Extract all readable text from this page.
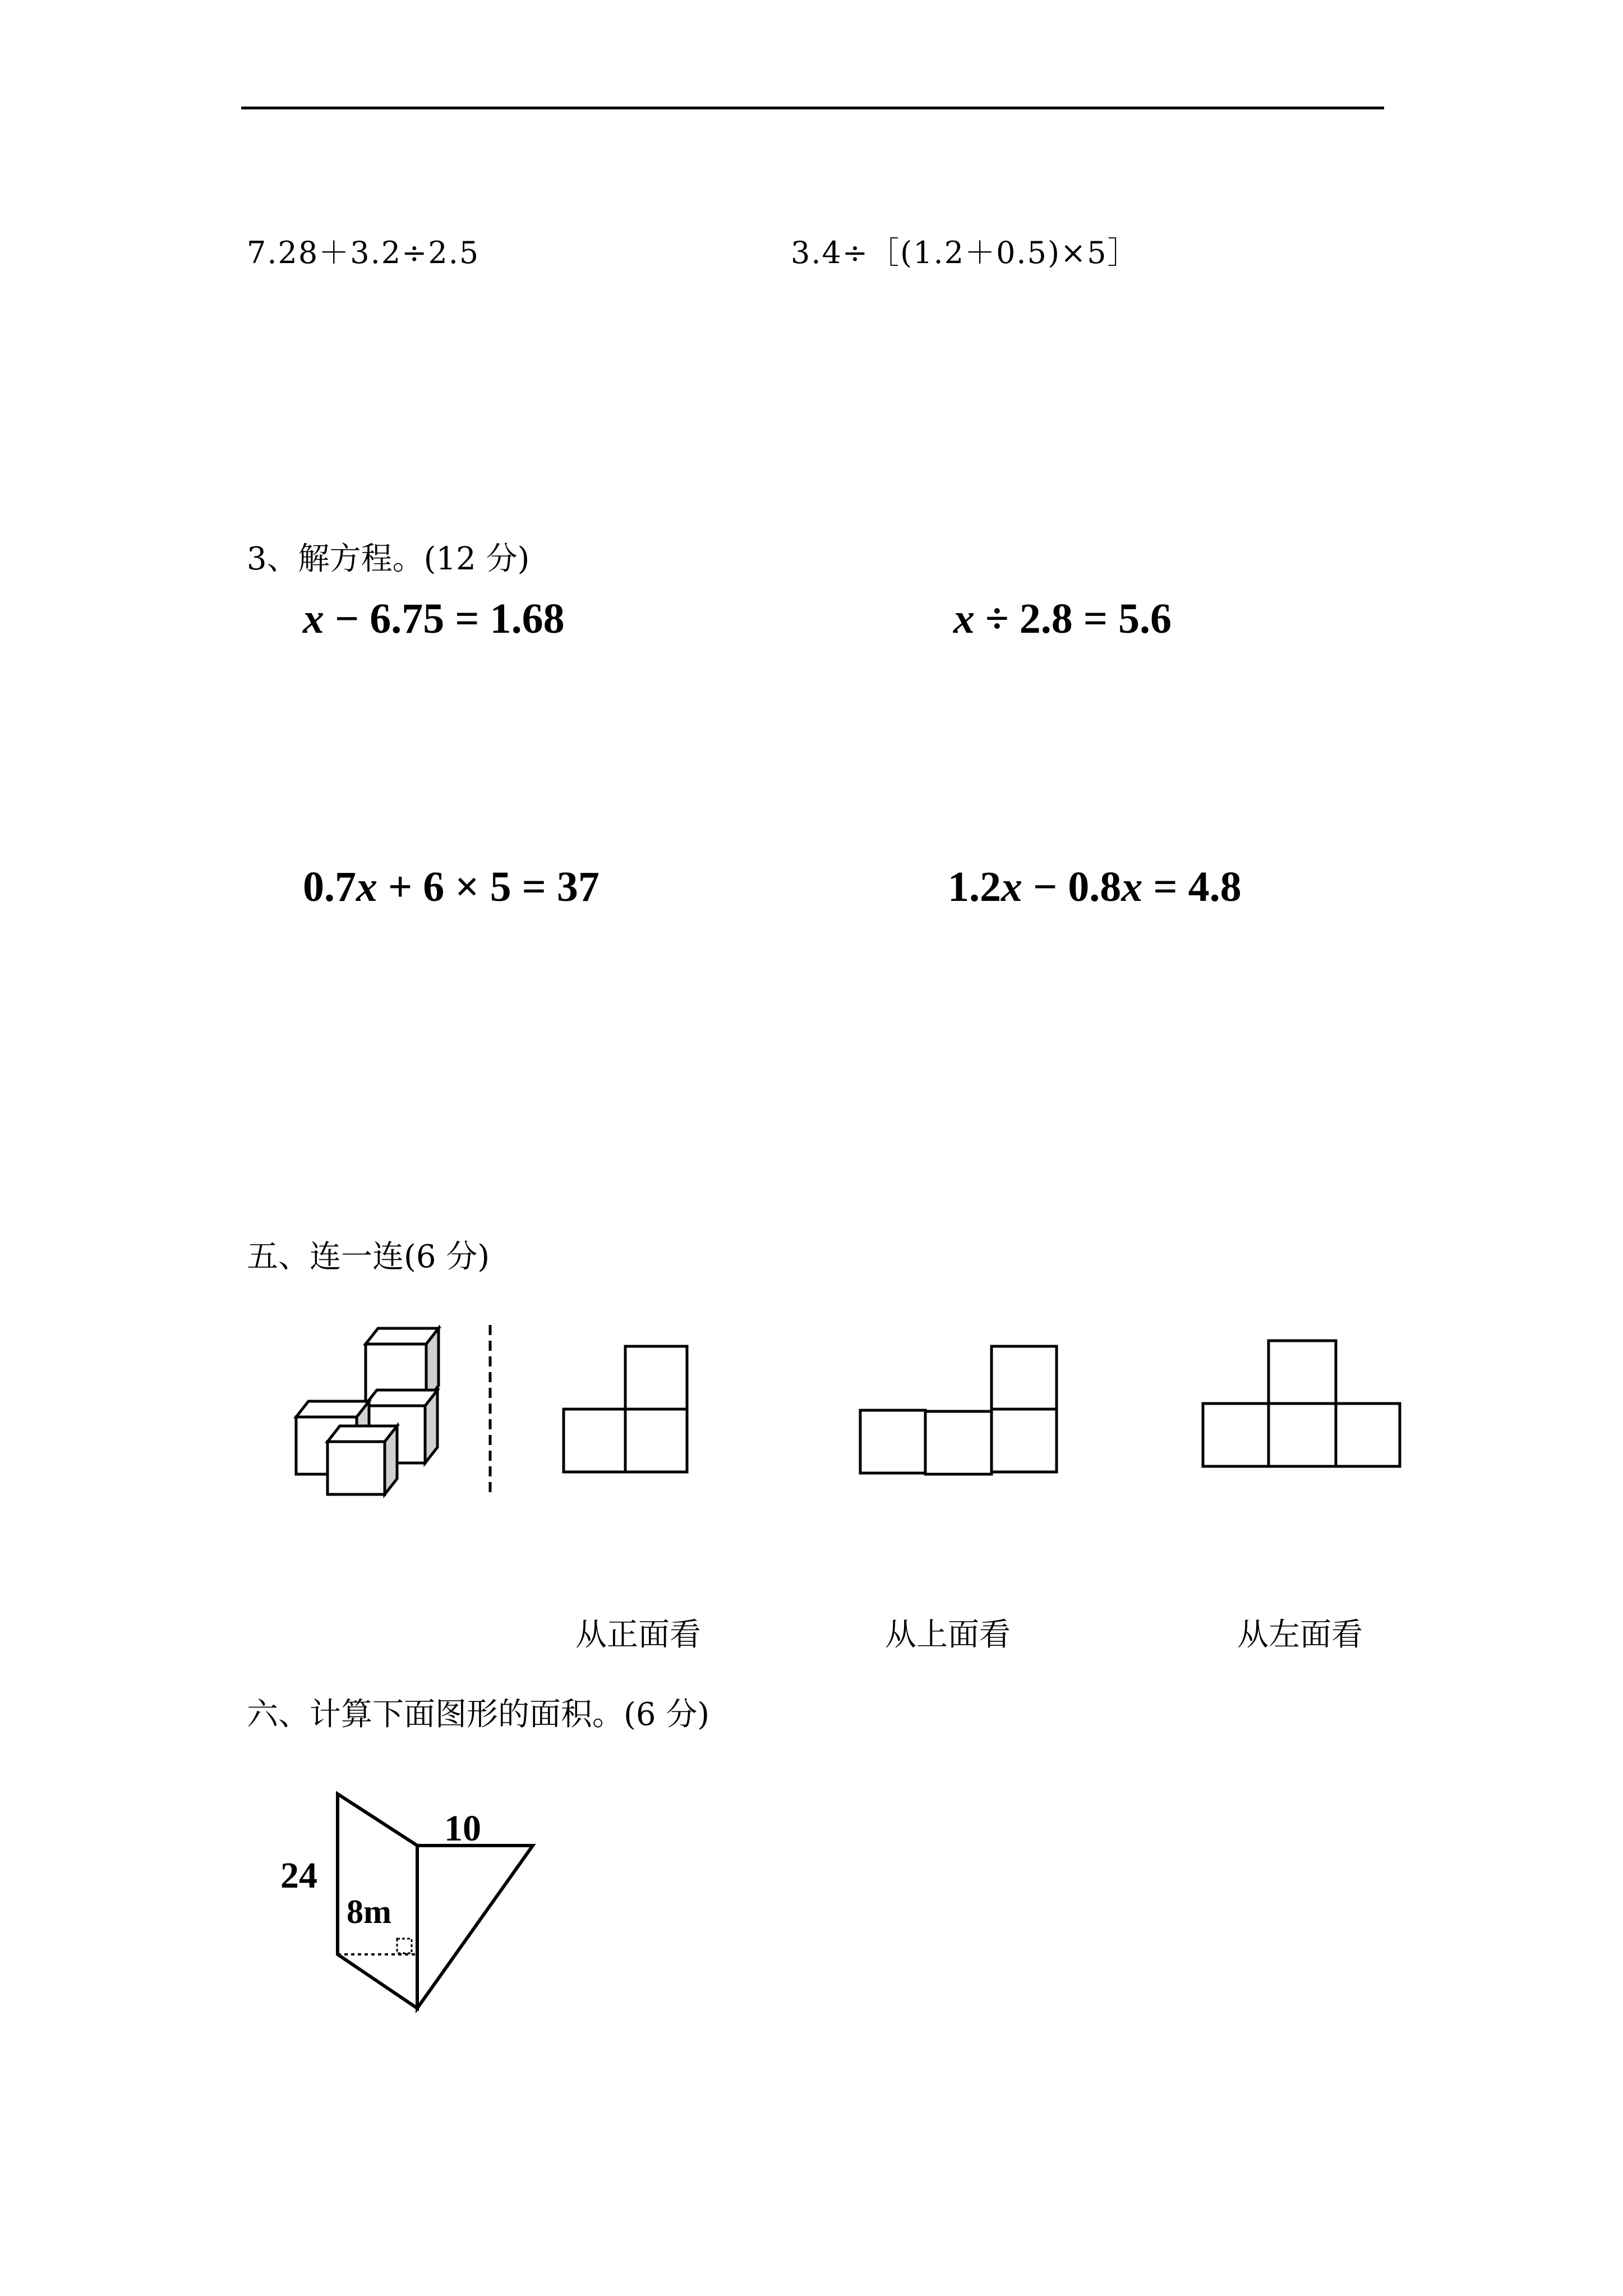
7.28＋3.2÷2.5	3.4÷［(1.2＋0.5)×5］
3、解方程。(12 分)
x − 6.75 = 1.68	x ÷ 2.8 = 5.6
0.7x + 6 × 5 = 37	1.2x − 0.8x = 4.8
五、连一连(6 分)
从正面看	从上面看	从左面看
六、计算下面图形的面积。(6 分)
24
10
8m
